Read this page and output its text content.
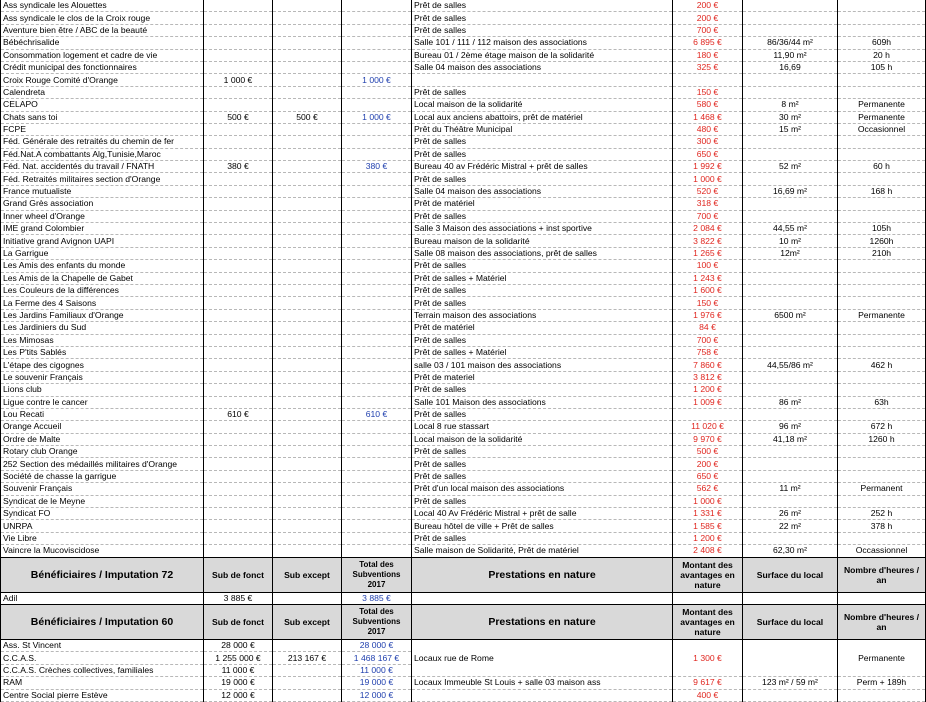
Ass syndicale les Alouettes				Prêt de salles	200 €		
Ass syndicale le clos de la Croix rouge				Prêt de salles	200 €		
Aventure bien être / ABC de la beauté				Prêt de salles	700 €		
Bébéchrisalide				Salle 101 / 111 / 112 maison des associations	6 895 €	86/36/44 m²	609h
Consommation logement et cadre de vie				Bureau 01 / 2ème étage maison de la solidarité	180 €	11,90 m²	20 h
Crédit municipal des fonctionnaires				Salle 04 maison des associations	325 €	16,69	105 h
Croix Rouge Comité d'Orange	1 000 €		1 000 €				
Calendreta				Prêt de salles	150 €		
CELAPO				Local maison de la solidarité	580 €	8 m²	Permanente
Chats sans toi	500 €	500 €	1 000 €	Local aux anciens abattoirs, prêt de matériel	1 468 €	30 m²	Permanente
FCPE				Prêt du Théâtre Municipal	480 €	15 m²	Occasionnel
Féd. Générale des retraités du chemin de fer				Prêt de salles	300 €		
Féd.Nat.A combattants Alg,Tunisie,Maroc				Prêt de salles	650 €		
Féd. Nat. accidentés du travail / FNATH	380 €		380 €	Bureau 40 av Frédéric Mistral + prêt de salles	1 992 €	52 m²	60 h
Féd. Retraités militaires section d'Orange				Prêt de salles	1 000 €		
France mutualiste				Salle 04 maison des associations	520 €	16,69 m²	168 h
Grand Grès association				Prêt de matériel	318 €		
Inner wheel d'Orange				Prêt de salles	700 €		
IME grand Colombier				Salle 3 Maison des associations + inst sportive	2 084 €	44,55 m²	105h
Initiative grand Avignon UAPI				Bureau maison de la solidarité	3 822 €	10 m²	1260h
La Garrigue				Salle 08 maison des associations, prêt de salles	1 265 €	12m²	210h
Les Amis des enfants du monde				Prêt de salles	100 €		
Les Amis de la Chapelle de Gabet				Prêt de salles + Matériel	1 243 €		
Les Couleurs de la différences				Prêt de salles	1 600 €		
La Ferme des 4 Saisons				Prêt de salles	150 €		
Les Jardins Familiaux d'Orange				Terrain maison des associations	1 976 €	6500 m²	Permanente
Les Jardiniers du Sud				Prêt de matériel	84 €		
Les Mimosas				Prêt de salles	700 €		
Les P'tits Sablés				Prêt de salles + Matériel	758 €		
L'étape des cigognes				salle 03 / 101 maison des associations	7 860 €	44,55/86 m²	462 h
Le souvenir Français				Prêt de materiel	3 812 €		
Lions club				Prêt de salles	1 200 €		
Ligue contre le cancer				Salle 101 Maison des associations	1 009 €	86 m²	63h
Lou Recati	610 €		610 €	Prêt de salles			
Orange Accueil				Local 8 rue stassart	11 020 €	96 m²	672 h
Ordre de Malte				Local maison de la solidarité	9 970 €	41,18 m²	1260 h
Rotary club Orange				Prêt de salles	500 €		
252 Section des médaillés militaires d'Orange				Prêt de salles	200 €		
Société de chasse la garrigue				Prêt de salles	650 €		
Souvenir Français				Prêt d'un local maison des associations	562 €	11 m²	Permanent
Syndicat de le Meyne				Prêt de salles	1 000 €		
Syndicat FO				Local 40 Av Frédéric Mistral + prêt de salle	1 331 €	26 m²	252 h
UNRPA				Bureau hôtel de ville + Prêt de salles	1 585 €	22 m²	378 h
Vie Libre				Prêt de salles	1 200 €		
Vaincre la Mucoviscidose				Salle maison de Solidarité, Prêt de matériel	2 408 €	62,30 m²	Occassionnel
Bénéficiaires / Imputation 72	Sub de fonct	Sub except	Total des Subventions 2017	Prestations en nature	Montant des avantages en nature	Surface du local	Nombre d'heures / an
Adil	3 885 €		3 885 €				
Bénéficiaires / Imputation 60	Sub de fonct	Sub except	Total des Subventions 2017	Prestations en nature	Montant des avantages en nature	Surface du local	Nombre d'heures / an
Ass. St Vincent	28 000 €		28 000 €	Locaux rue de Rome	1 300 €		Permanente
C.C.A.S.	1 255 000 €	213 167 €	1 468 167 €				
C.C.A.S. Crèches collectives, familiales	11 000 €		11 000 €				
RAM	19 000 €		19 000 €	Locaux Immeuble St Louis + salle 03 maison ass	9 617 €	123 m² / 59 m²	Perm + 189h
Centre Social pierre Estève	12 000 €		12 000 €		400 €		
